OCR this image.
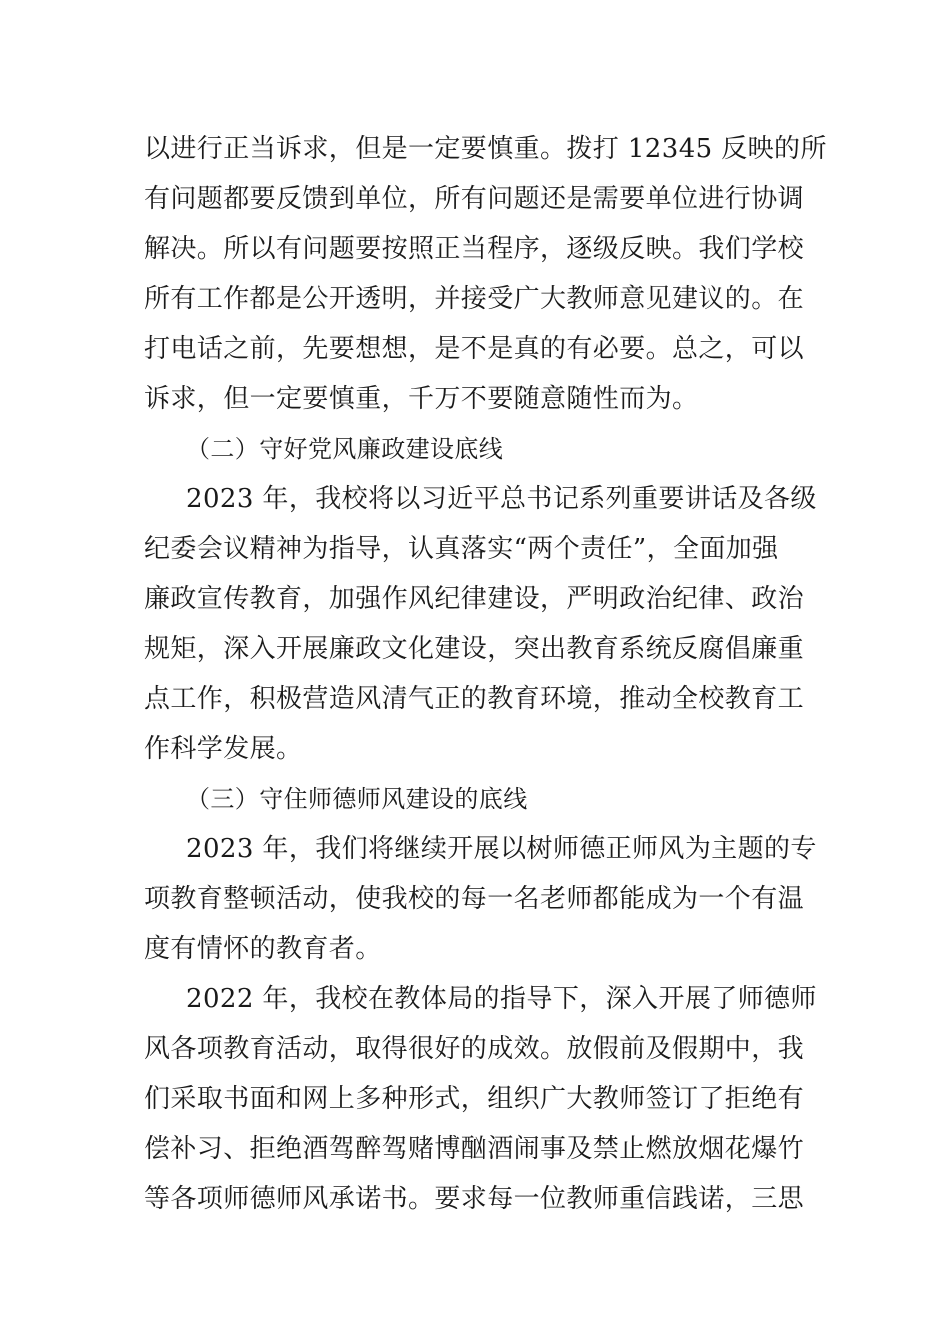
以进行正当诉求，但是一定要慎重。拨打 12345 反映的所
有问题都要反馈到单位，所有问题还是需要单位进行协调
解决。所以有问题要按照正当程序，逐级反映。我们学校
所有工作都是公开透明，并接受广大教师意见建议的。在
打电话之前，先要想想，是不是真的有必要。总之，可以
诉求，但一定要慎重，千万不要随意随性而为。
（二）守好党风廉政建设底线
2023 年，我校将以习近平总书记系列重要讲话及各级
纪委会议精神为指导，认真落实“两个责任”，全面加强
廉政宣传教育，加强作风纪律建设，严明政治纪律、政治
规矩，深入开展廉政文化建设，突出教育系统反腐倡廉重
点工作，积极营造风清气正的教育环境，推动全校教育工
作科学发展。
（三）守住师德师风建设的底线
2023 年，我们将继续开展以树师德正师风为主题的专
项教育整顿活动，使我校的每一名老师都能成为一个有温
度有情怀的教育者。
2022 年，我校在教体局的指导下，深入开展了师德师
风各项教育活动，取得很好的成效。放假前及假期中，我
们采取书面和网上多种形式，组织广大教师签订了拒绝有
偿补习、拒绝酒驾醉驾赌博酗酒闹事及禁止燃放烟花爆竹
等各项师德师风承诺书。要求每一位教师重信践诺，三思
